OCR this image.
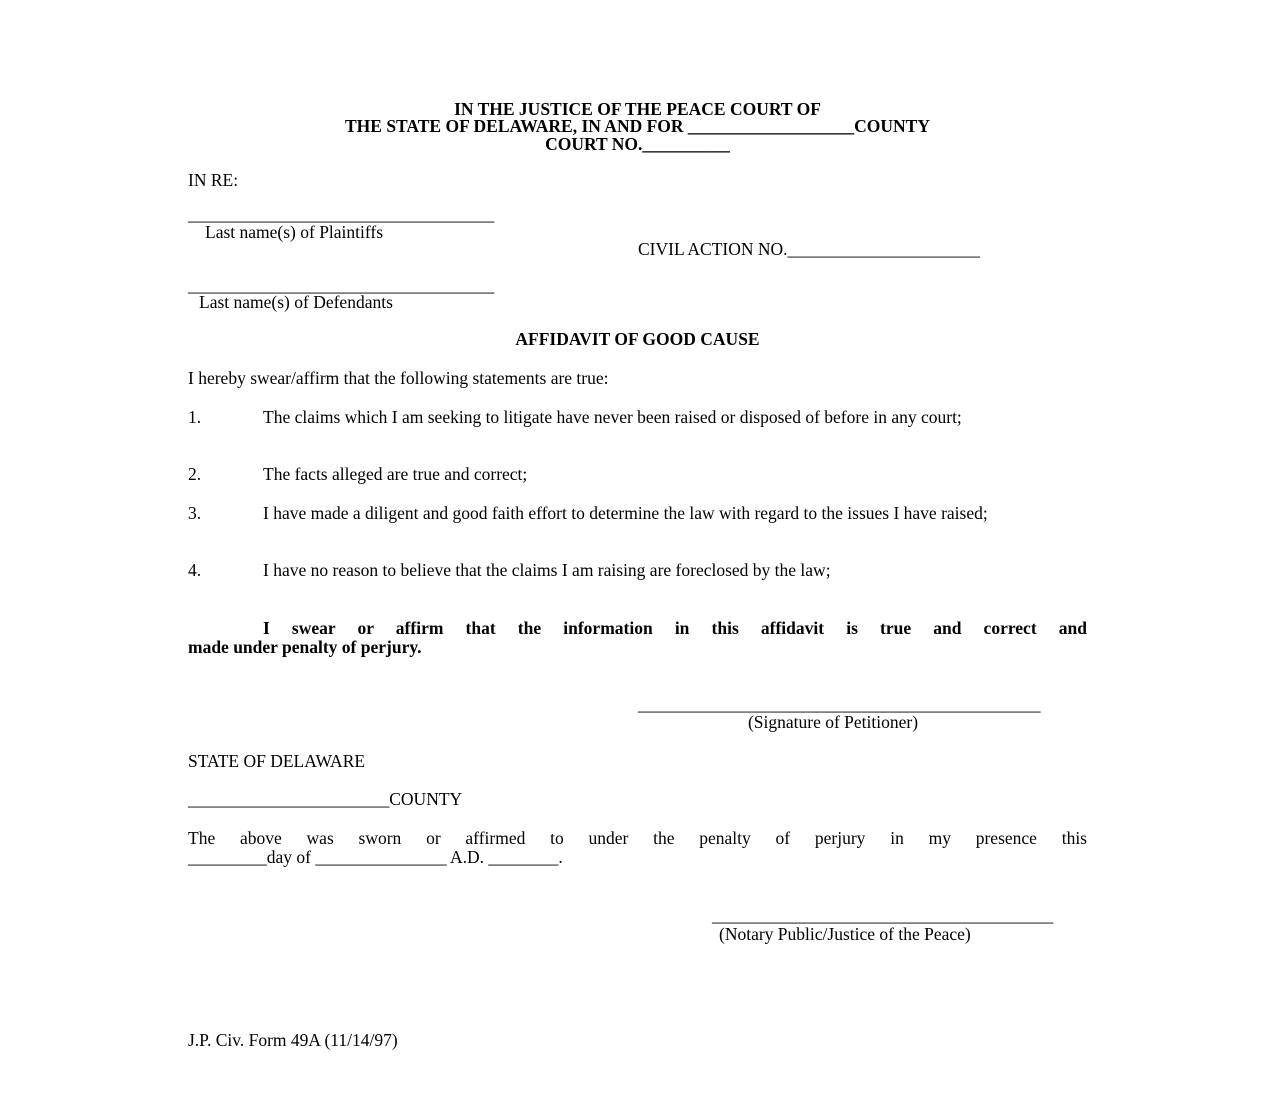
IN THE JUSTICE OF THE PEACE COURT OF
THE STATE OF DELAWARE, IN AND FOR ___________________COUNTY
COURT NO.__________
IN RE:
___________________________________
Last name(s) of Plaintiffs
CIVIL ACTION NO.______________________
___________________________________
Last name(s) of Defendants
AFFIDAVIT OF GOOD CAUSE
I hereby swear/affirm that the following statements are true:
1.	The claims which I am seeking to litigate have never been raised or disposed of before in any court;
2.	The facts alleged are true and correct;
3.	I have made a diligent and good faith effort to determine the law with regard to the issues I have raised;
4.	I have no reason to believe that the claims I am raising are foreclosed by the law;
I swear or affirm that the information in this affidavit is true and correct and
made under penalty of perjury.
______________________________________________
(Signature of Petitioner)
STATE OF DELAWARE
_______________________COUNTY
The above was sworn or affirmed to under the penalty of perjury in my presence this
_________day of _______________ A.D. ________.
_______________________________________
(Notary Public/Justice of the Peace)
J.P. Civ. Form 49A (11/14/97)
